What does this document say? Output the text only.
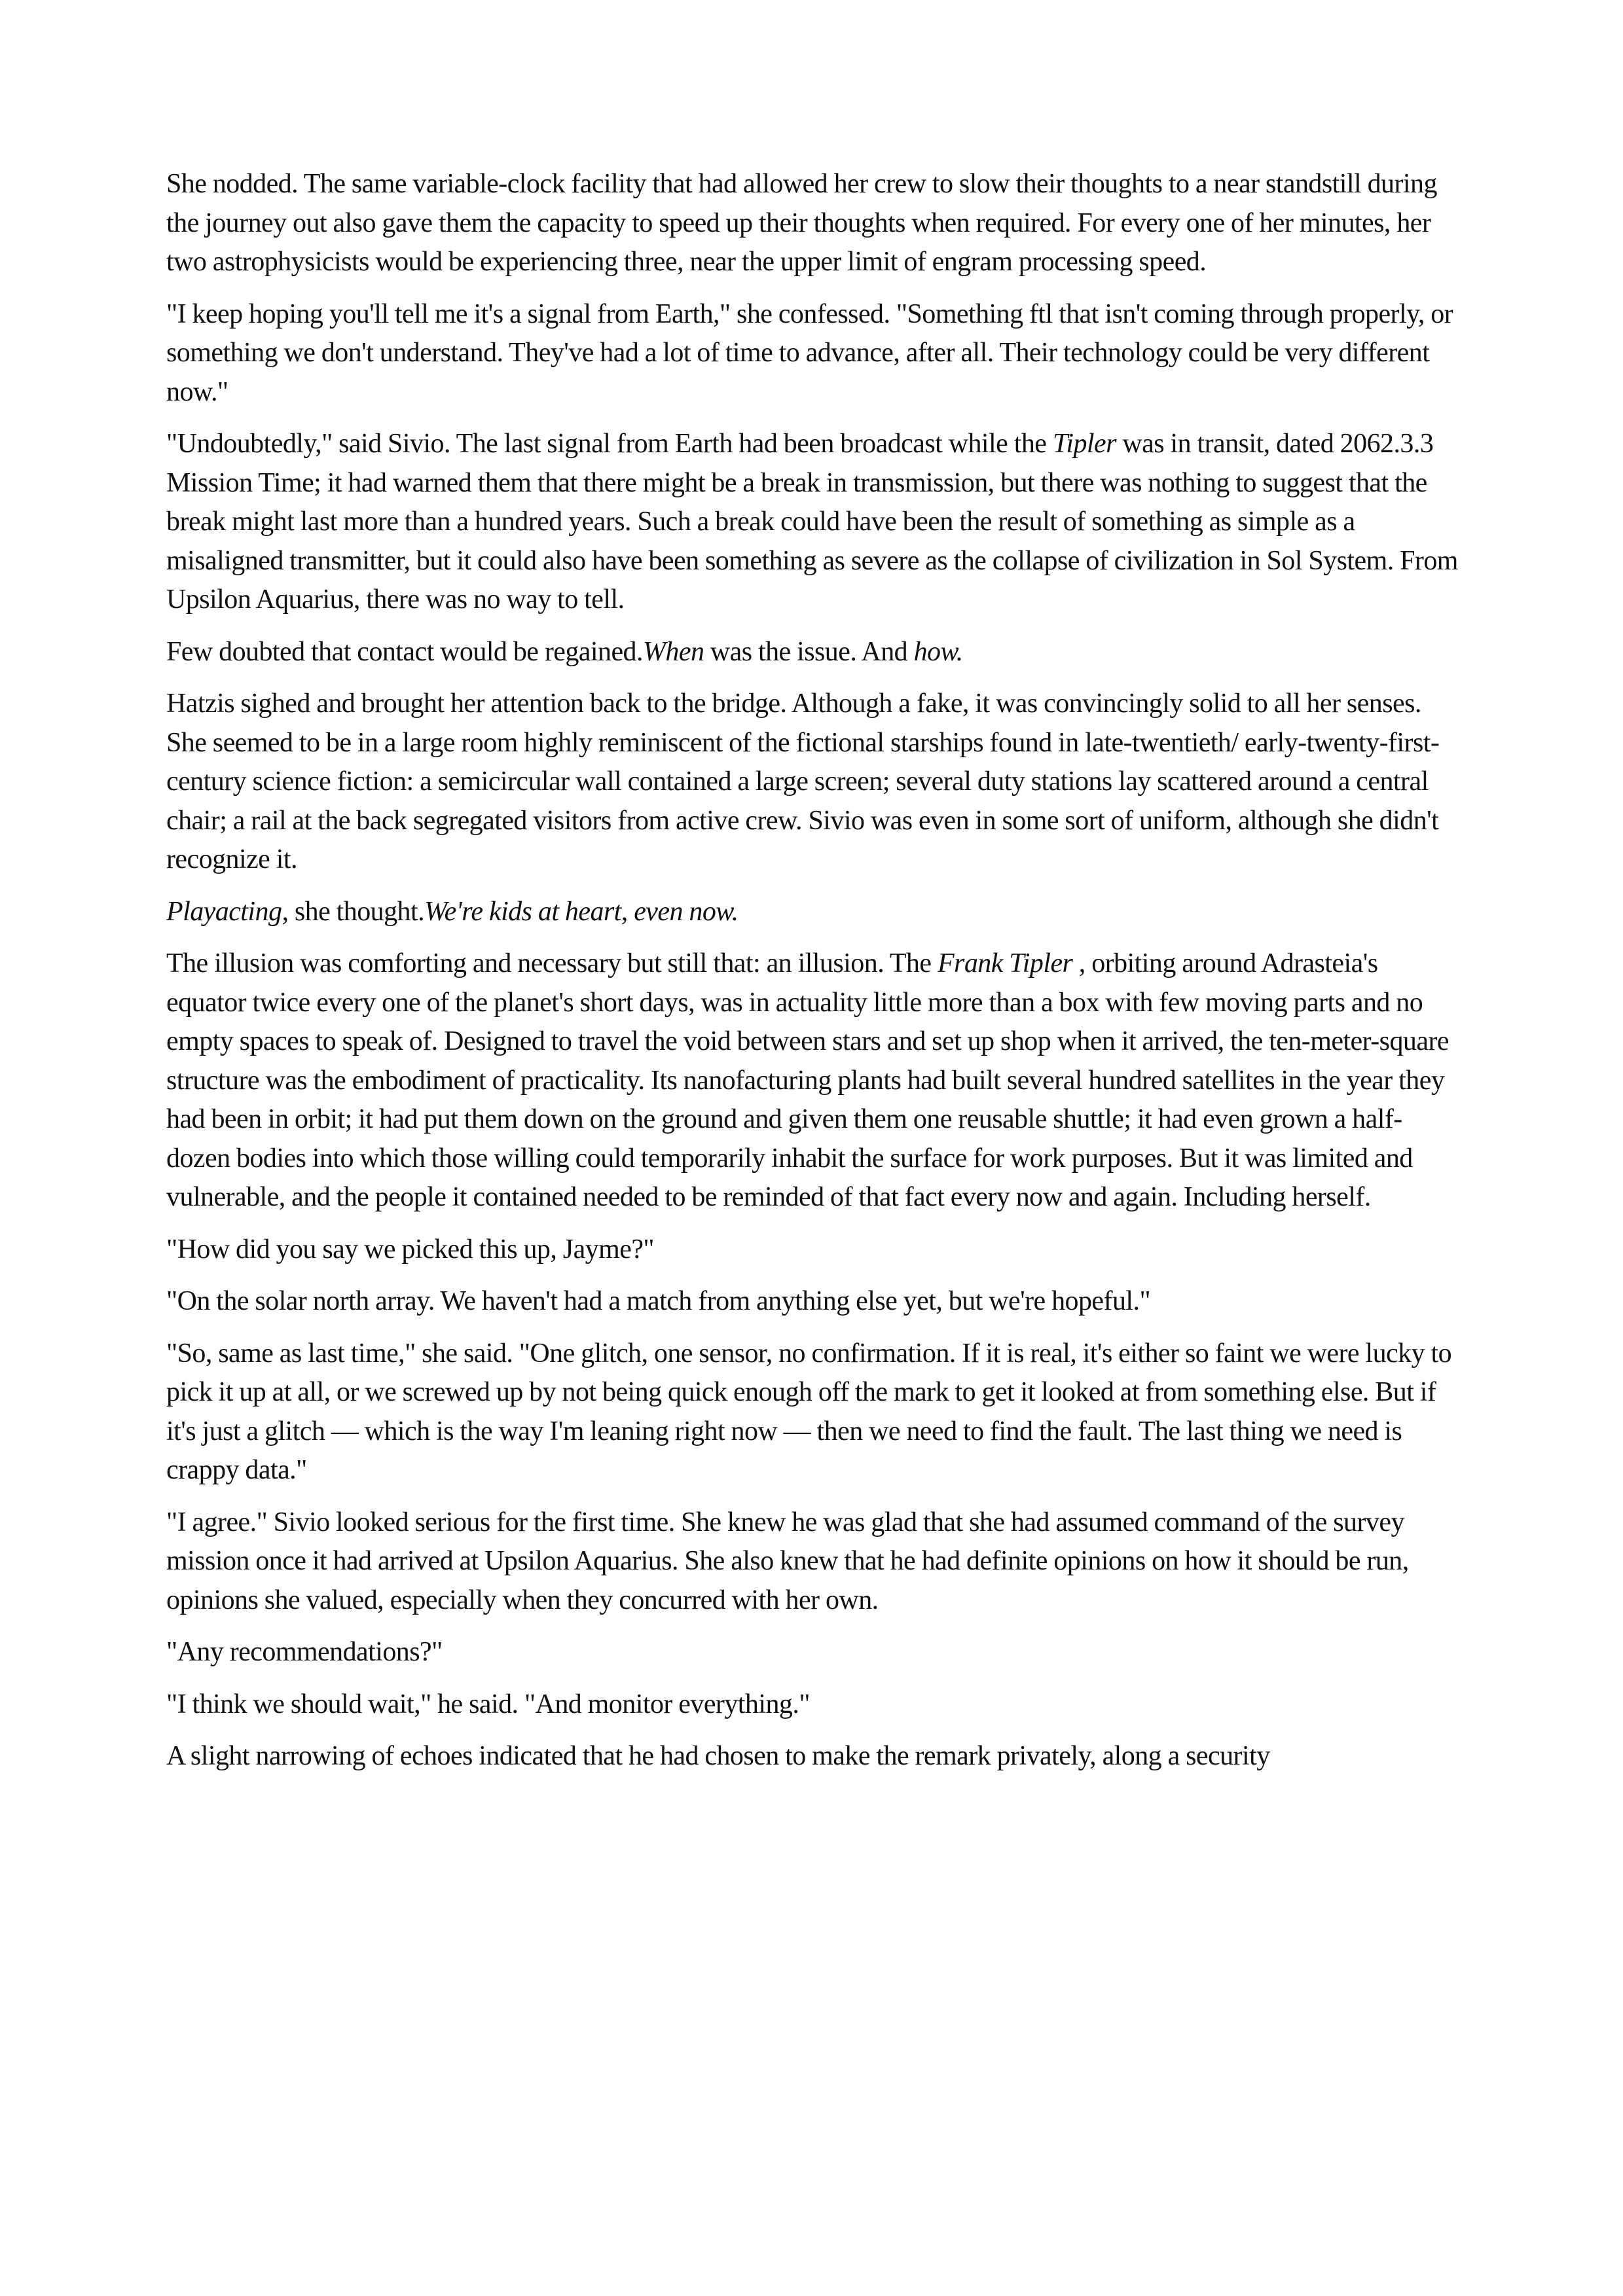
She nodded. The same variable-clock facility that had allowed her crew to slow their thoughts to a near standstill during the journey out also gave them the capacity to speed up their thoughts when required. For every one of her minutes, her two astrophysicists would be experiencing three, near the upper limit of engram processing speed.

"I keep hoping you'll tell me it's a signal from Earth," she confessed. "Something ftl that isn't coming through properly, or something we don't understand. They've had a lot of time to advance, after all. Their technology could be very different now."

"Undoubtedly," said Sivio. The last signal from Earth had been broadcast while the Tipler was in transit, dated 2062.3.3 Mission Time; it had warned them that there might be a break in transmission, but there was nothing to suggest that the break might last more than a hundred years. Such a break could have been the result of something as simple as a misaligned transmitter, but it could also have been something as severe as the collapse of civilization in Sol System. From Upsilon Aquarius, there was no way to tell.

Few doubted that contact would be regained.When was the issue. And how.

Hatzis sighed and brought her attention back to the bridge. Although a fake, it was convincingly solid to all her senses. She seemed to be in a large room highly reminiscent of the fictional starships found in late-twentieth/ early-twenty-first-century science fiction: a semicircular wall contained a large screen; several duty stations lay scattered around a central chair; a rail at the back segregated visitors from active crew. Sivio was even in some sort of uniform, although she didn't recognize it.

Playacting, she thought.We're kids at heart, even now.

The illusion was comforting and necessary but still that: an illusion. The Frank Tipler , orbiting around Adrasteia's equator twice every one of the planet's short days, was in actuality little more than a box with few moving parts and no empty spaces to speak of. Designed to travel the void between stars and set up shop when it arrived, the ten-meter-square structure was the embodiment of practicality. Its nanofacturing plants had built several hundred satellites in the year they had been in orbit; it had put them down on the ground and given them one reusable shuttle; it had even grown a half-dozen bodies into which those willing could temporarily inhabit the surface for work purposes. But it was limited and vulnerable, and the people it contained needed to be reminded of that fact every now and again. Including herself.

"How did you say we picked this up, Jayme?"

"On the solar north array. We haven't had a match from anything else yet, but we're hopeful."

"So, same as last time," she said. "One glitch, one sensor, no confirmation. If it is real, it's either so faint we were lucky to pick it up at all, or we screwed up by not being quick enough off the mark to get it looked at from something else. But if it's just a glitch — which is the way I'm leaning right now — then we need to find the fault. The last thing we need is crappy data."

"I agree." Sivio looked serious for the first time. She knew he was glad that she had assumed command of the survey mission once it had arrived at Upsilon Aquarius. She also knew that he had definite opinions on how it should be run, opinions she valued, especially when they concurred with her own.

"Any recommendations?"

"I think we should wait," he said. "And monitor everything."

A slight narrowing of echoes indicated that he had chosen to make the remark privately, along a security
